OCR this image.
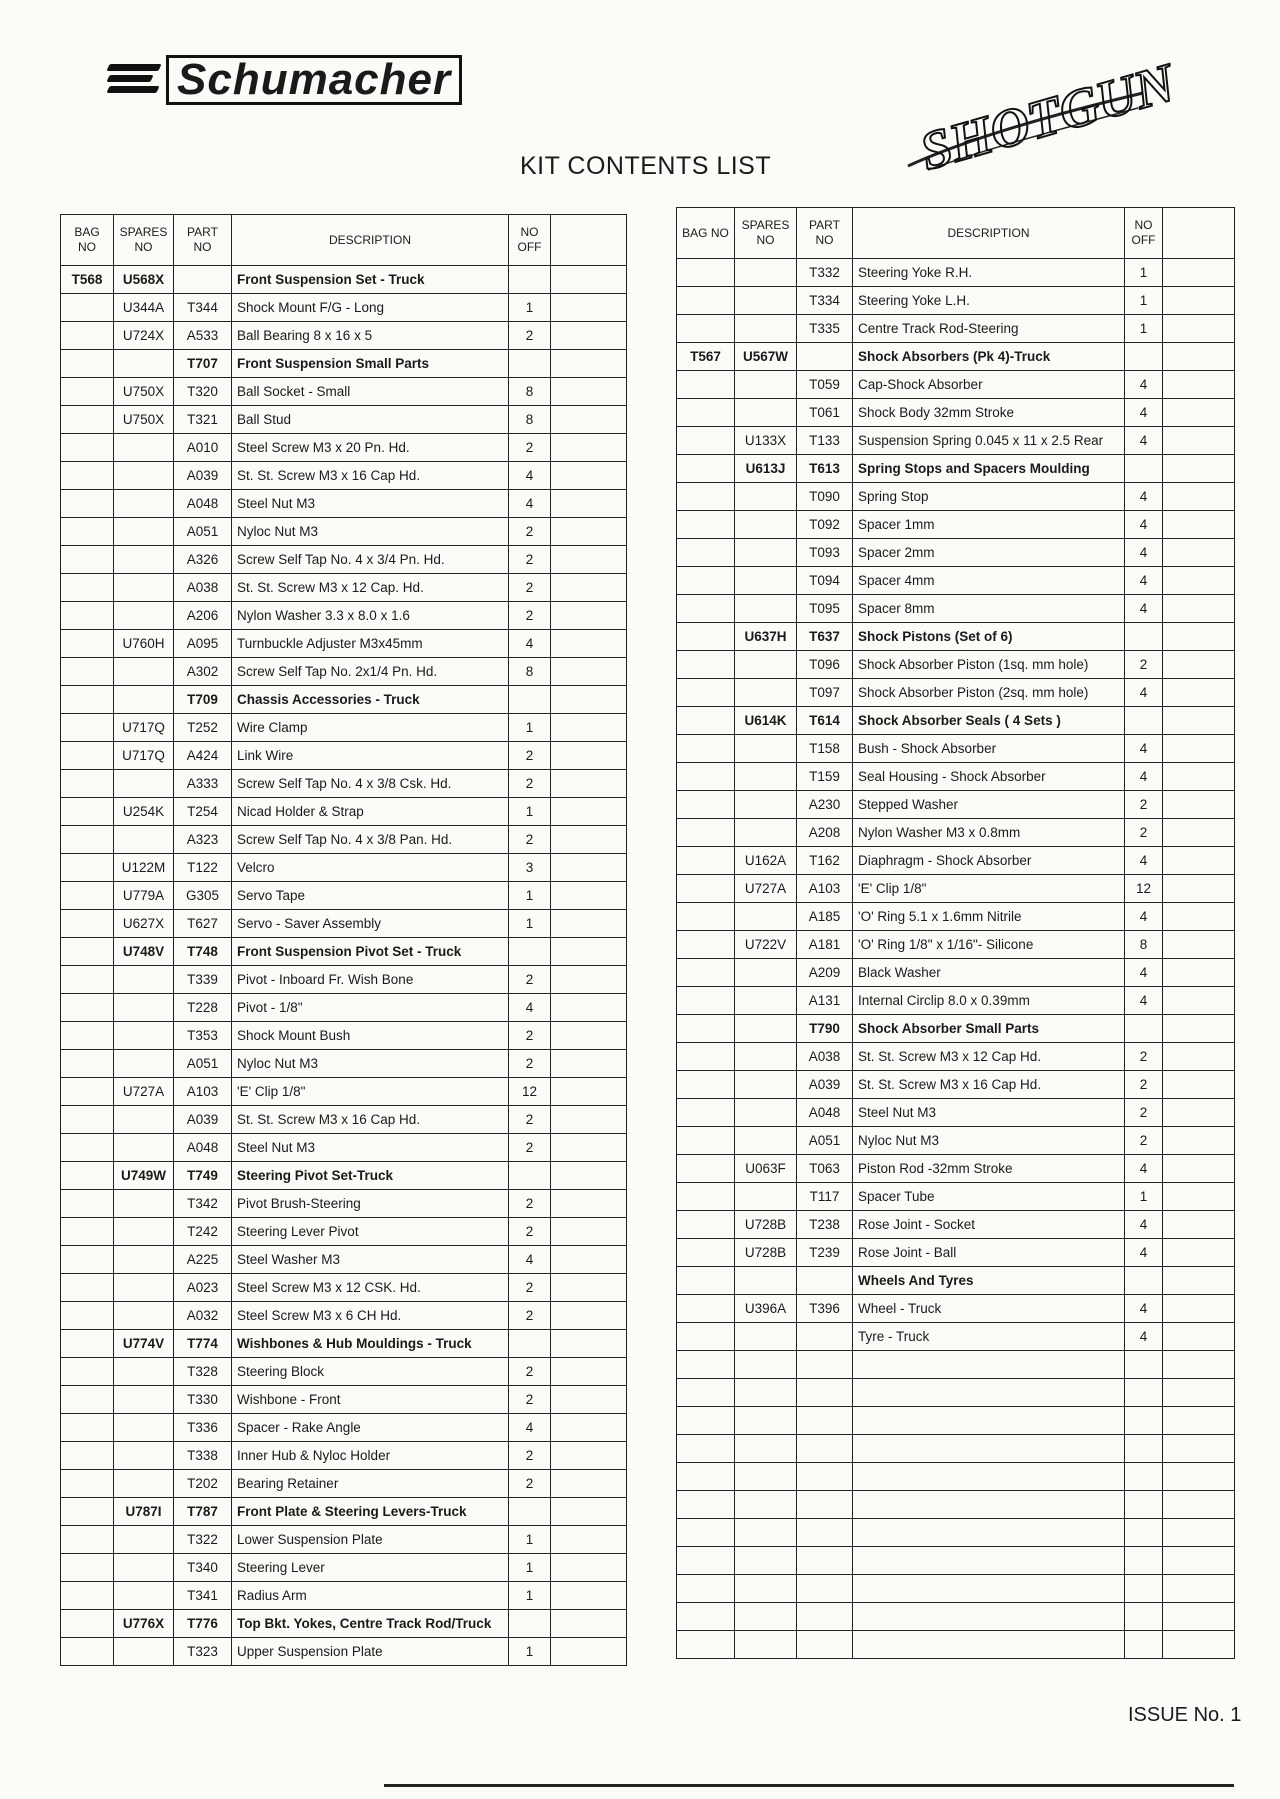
Schumacher	SHOTGUN
KIT CONTENTS LIST
BAG NO	SPARES NO	PART NO	DESCRIPTION	NO OFF	
T568	U568X		Front Suspension Set - Truck		
	U344A	T344	Shock Mount F/G - Long	1	
	U724X	A533	Ball Bearing 8 x 16 x 5	2	
		T707	Front Suspension Small Parts		
	U750X	T320	Ball Socket - Small	8	
	U750X	T321	Ball Stud	8	
		A010	Steel Screw M3 x 20 Pn. Hd.	2	
		A039	St. St. Screw M3 x 16 Cap Hd.	4	
		A048	Steel Nut M3	4	
		A051	Nyloc Nut M3	2	
		A326	Screw Self Tap No. 4 x 3/4 Pn. Hd.	2	
		A038	St. St. Screw M3 x 12 Cap. Hd.	2	
		A206	Nylon Washer 3.3 x 8.0 x 1.6	2	
	U760H	A095	Turnbuckle Adjuster M3x45mm	4	
		A302	Screw Self Tap No. 2x1/4 Pn. Hd.	8	
		T709	Chassis Accessories - Truck		
	U717Q	T252	Wire Clamp	1	
	U717Q	A424	Link Wire	2	
		A333	Screw Self Tap No. 4 x 3/8 Csk. Hd.	2	
	U254K	T254	Nicad Holder & Strap	1	
		A323	Screw Self Tap No. 4 x 3/8 Pan. Hd.	2	
	U122M	T122	Velcro	3	
	U779A	G305	Servo Tape	1	
	U627X	T627	Servo - Saver Assembly	1	
	U748V	T748	Front Suspension Pivot Set - Truck		
		T339	Pivot - Inboard Fr. Wish Bone	2	
		T228	Pivot - 1/8"	4	
		T353	Shock Mount Bush	2	
		A051	Nyloc Nut M3	2	
	U727A	A103	'E' Clip 1/8"	12	
		A039	St. St. Screw M3 x 16 Cap Hd.	2	
		A048	Steel Nut M3	2	
	U749W	T749	Steering Pivot Set-Truck		
		T342	Pivot Brush-Steering	2	
		T242	Steering Lever Pivot	2	
		A225	Steel Washer M3	4	
		A023	Steel Screw M3 x 12 CSK. Hd.	2	
		A032	Steel Screw M3 x 6 CH Hd.	2	
	U774V	T774	Wishbones & Hub Mouldings - Truck		
		T328	Steering Block	2	
		T330	Wishbone - Front	2	
		T336	Spacer - Rake Angle	4	
		T338	Inner Hub & Nyloc Holder	2	
		T202	Bearing Retainer	2	
	U787I	T787	Front Plate & Steering Levers-Truck		
		T322	Lower Suspension Plate	1	
		T340	Steering Lever	1	
		T341	Radius Arm	1	
	U776X	T776	Top Bkt. Yokes, Centre Track Rod/Truck		
		T323	Upper Suspension Plate	1	
BAG NO	SPARES NO	PART NO	DESCRIPTION	NO OFF	
		T332	Steering Yoke R.H.	1	
		T334	Steering Yoke L.H.	1	
		T335	Centre Track Rod-Steering	1	
T567	U567W		Shock Absorbers (Pk 4)-Truck		
		T059	Cap-Shock Absorber	4	
		T061	Shock Body 32mm Stroke	4	
	U133X	T133	Suspension Spring 0.045 x 11 x 2.5 Rear	4	
	U613J	T613	Spring Stops and Spacers Moulding		
		T090	Spring Stop	4	
		T092	Spacer 1mm	4	
		T093	Spacer 2mm	4	
		T094	Spacer 4mm	4	
		T095	Spacer 8mm	4	
	U637H	T637	Shock Pistons (Set of 6)		
		T096	Shock Absorber Piston (1sq. mm hole)	2	
		T097	Shock Absorber Piston (2sq. mm hole)	4	
	U614K	T614	Shock Absorber Seals ( 4 Sets )		
		T158	Bush - Shock Absorber	4	
		T159	Seal Housing - Shock Absorber	4	
		A230	Stepped Washer	2	
		A208	Nylon Washer M3 x 0.8mm	2	
	U162A	T162	Diaphragm - Shock Absorber	4	
	U727A	A103	'E' Clip 1/8"	12	
		A185	'O' Ring 5.1 x 1.6mm Nitrile	4	
	U722V	A181	'O' Ring 1/8" x 1/16"- Silicone	8	
		A209	Black Washer	4	
		A131	Internal Circlip 8.0 x 0.39mm	4	
		T790	Shock Absorber Small Parts		
		A038	St. St. Screw M3 x 12 Cap Hd.	2	
		A039	St. St. Screw M3 x 16 Cap Hd.	2	
		A048	Steel Nut M3	2	
		A051	Nyloc Nut M3	2	
	U063F	T063	Piston Rod -32mm Stroke	4	
		T117	Spacer Tube	1	
	U728B	T238	Rose Joint - Socket	4	
	U728B	T239	Rose Joint - Ball	4	
			Wheels And Tyres		
	U396A	T396	Wheel - Truck	4	
			Tyre - Truck	4	

ISSUE No. 1
